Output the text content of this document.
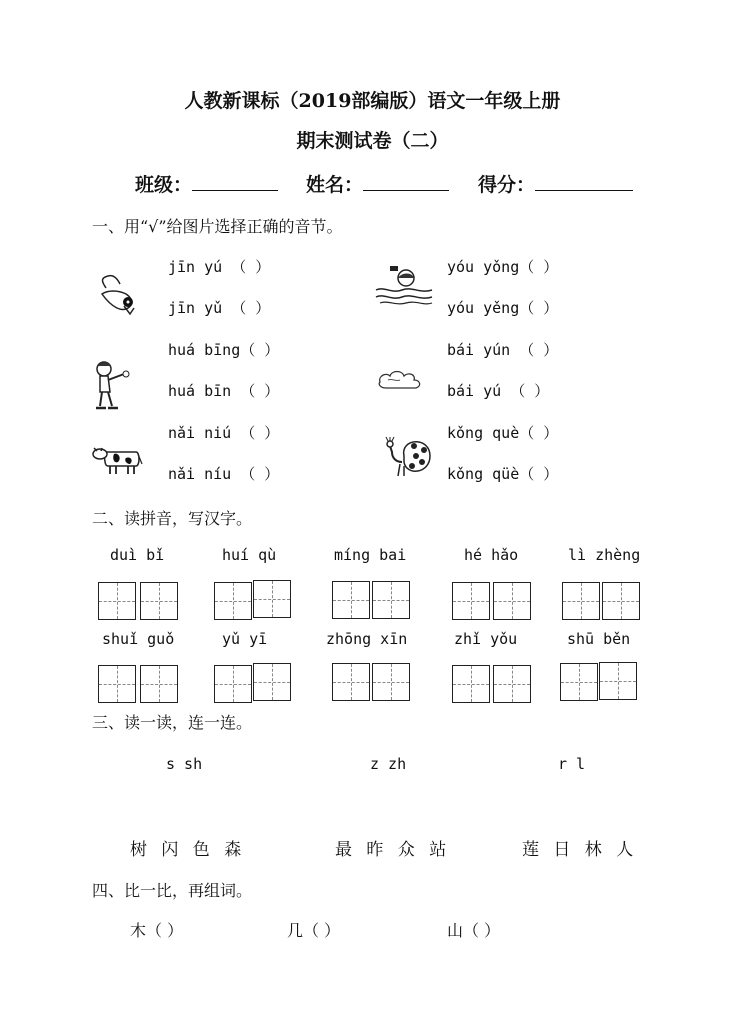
人教新课标（2019部编版）语文一年级上册
期末测试卷（二）
班级：	姓名：	得分：
一、用“√”给图片选择正确的音节。
jīn yú （ ）
jīn yǔ （ ）
yóu yǒng（ ）
yóu yěng（ ）
huá bīng（ ）
huá bīn （ ）
bái yún （ ）
bái yú （ ）
nǎi niú （ ）
nǎi níu （ ）
kǒng què（ ）
kǒng qüè（ ）
二、读拼音，写汉字。
duì bǐ	huí qù	míng bai	hé hǎo	lì zhèng
shuǐ guǒ	yǔ yī	zhōng xīn	zhǐ yǒu	shū běn
三、读一读，连一连。
s sh	z zh	r l
树 闪 色 森	最 昨 众 站	莲 日 林 人
四、比一比，再组词。
木（ ）	几（ ）	山（ ）
